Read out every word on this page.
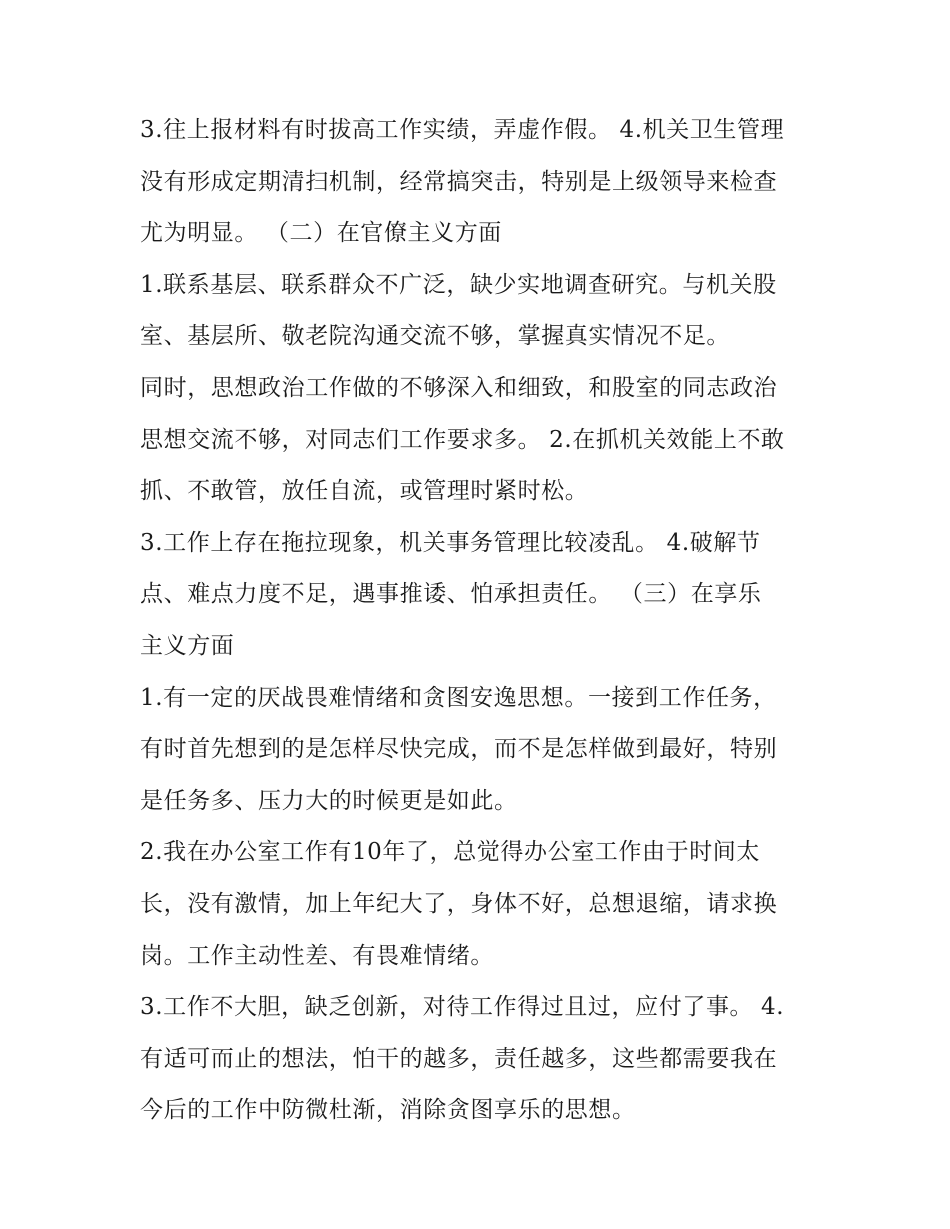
3.往上报材料有时拔高工作实绩，弄虚作假。 4.机关卫生管理
没有形成定期清扫机制，经常搞突击，特别是上级领导来检查
尤为明显。 （二）在官僚主义方面
1.联系基层、联系群众不广泛，缺少实地调查研究。与机关股
室、基层所、敬老院沟通交流不够，掌握真实情况不足。
同时，思想政治工作做的不够深入和细致，和股室的同志政治
思想交流不够，对同志们工作要求多。 2.在抓机关效能上不敢
抓、不敢管，放任自流，或管理时紧时松。
3.工作上存在拖拉现象，机关事务管理比较凌乱。 4.破解节
点、难点力度不足，遇事推诿、怕承担责任。 （三）在享乐
主义方面
1.有一定的厌战畏难情绪和贪图安逸思想。一接到工作任务，
有时首先想到的是怎样尽快完成，而不是怎样做到最好，特别
是任务多、压力大的时候更是如此。
2.我在办公室工作有10年了，总觉得办公室工作由于时间太
长，没有激情，加上年纪大了，身体不好，总想退缩，请求换
岗。工作主动性差、有畏难情绪。
3.工作不大胆，缺乏创新，对待工作得过且过，应付了事。 4.
有适可而止的想法，怕干的越多，责任越多，这些都需要我在
今后的工作中防微杜渐，消除贪图享乐的思想。
